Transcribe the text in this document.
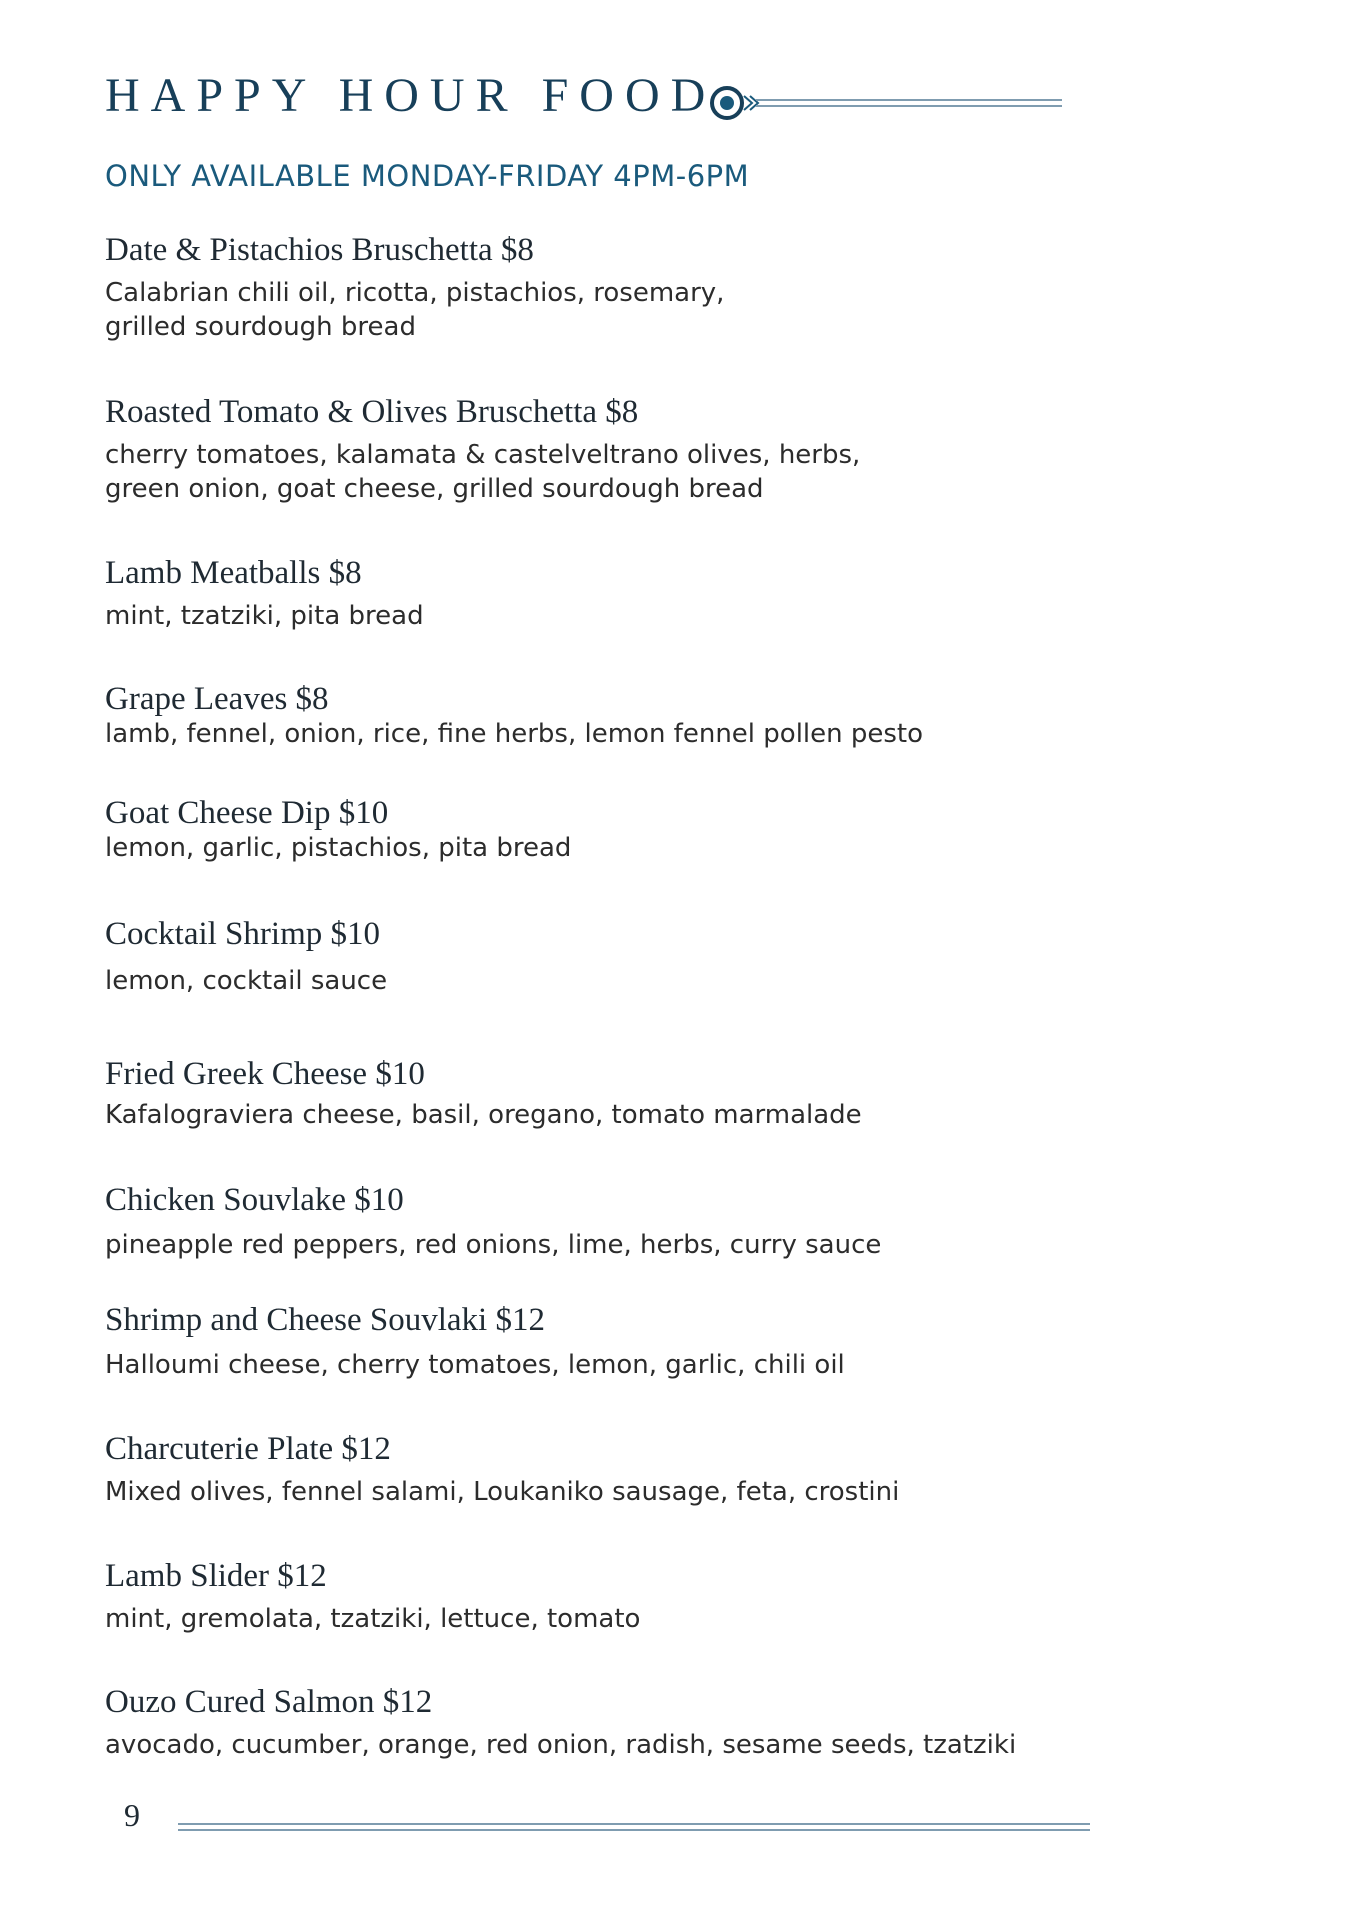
HAPPY HOUR FOOD
ONLY AVAILABLE MONDAY-FRIDAY 4PM-6PM
Date & Pistachios Bruschetta $8
Calabrian chili oil, ricotta, pistachios, rosemary,
grilled sourdough bread
Roasted Tomato & Olives Bruschetta $8
cherry tomatoes, kalamata & castelveltrano olives, herbs,
green onion, goat cheese, grilled sourdough bread
Lamb Meatballs $8
mint, tzatziki, pita bread
Grape Leaves $8
lamb, fennel, onion, rice, fine herbs, lemon fennel pollen pesto
Goat Cheese Dip $10
lemon, garlic, pistachios, pita bread
Cocktail Shrimp $10
lemon, cocktail sauce
Fried Greek Cheese $10
Kafalograviera cheese, basil, oregano, tomato marmalade
Chicken Souvlake $10
pineapple red peppers, red onions, lime, herbs, curry sauce
Shrimp and Cheese Souvlaki $12
Halloumi cheese, cherry tomatoes, lemon, garlic, chili oil
Charcuterie Plate $12
Mixed olives, fennel salami, Loukaniko sausage, feta, crostini
Lamb Slider $12
mint, gremolata, tzatziki, lettuce, tomato
Ouzo Cured Salmon $12
avocado, cucumber, orange, red onion, radish, sesame seeds, tzatziki
9
